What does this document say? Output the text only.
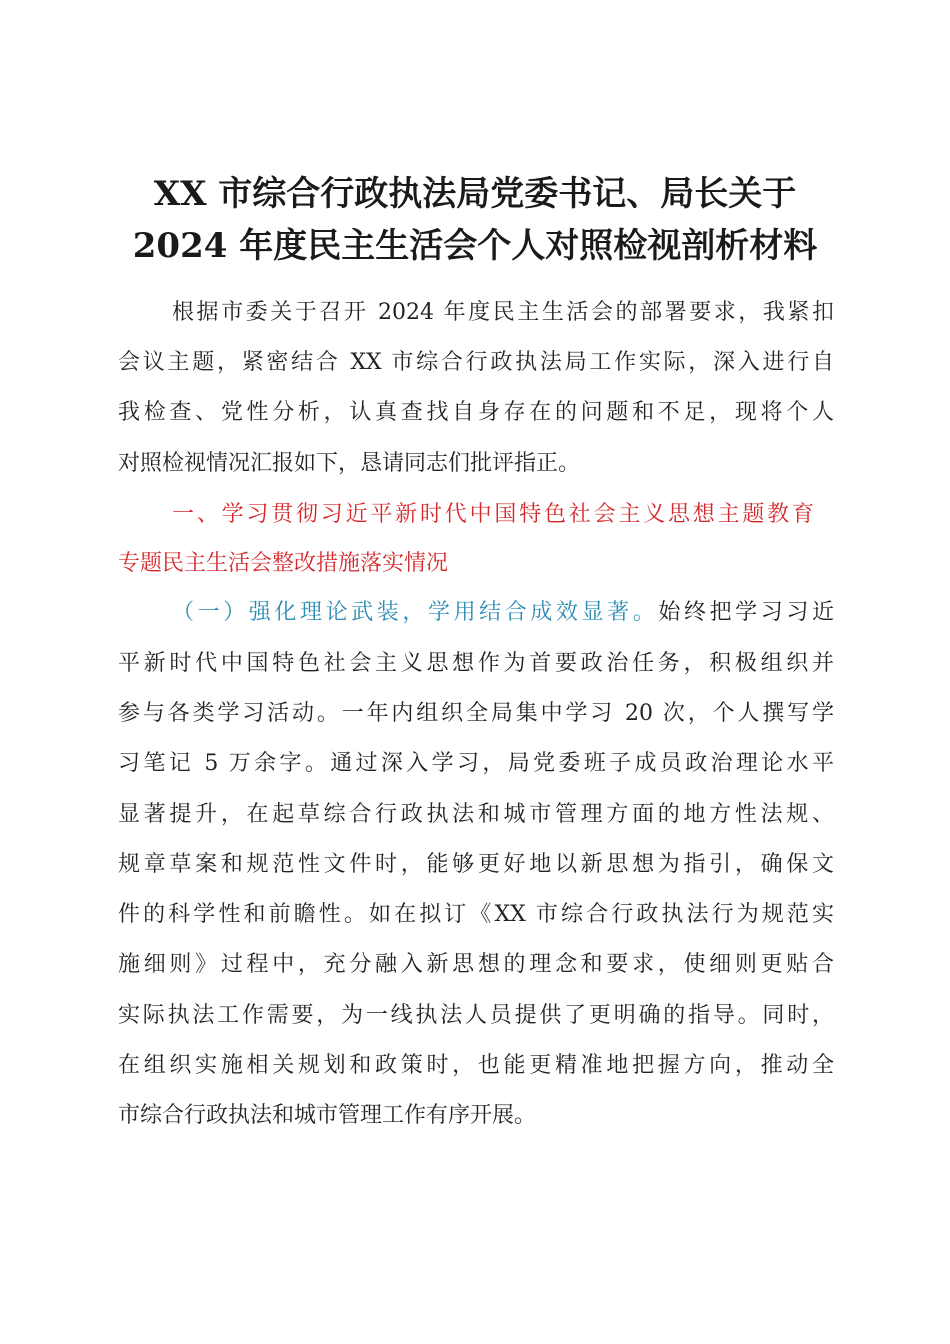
XX 市综合行政执法局党委书记、局长关于
2024 年度民主生活会个人对照检视剖析材料
根据市委关于召开 2024 年度民主生活会的部署要求，我紧扣
会议主题，紧密结合 XX 市综合行政执法局工作实际，深入进行自
我检查、党性分析，认真查找自身存在的问题和不足，现将个人
对照检视情况汇报如下，恳请同志们批评指正。
一、学习贯彻习近平新时代中国特色社会主义思想主题教育
专题民主生活会整改措施落实情况
（一）强化理论武装，学用结合成效显著。始终把学习习近
平新时代中国特色社会主义思想作为首要政治任务，积极组织并
参与各类学习活动。一年内组织全局集中学习 20 次，个人撰写学
习笔记 5 万余字。通过深入学习，局党委班子成员政治理论水平
显著提升，在起草综合行政执法和城市管理方面的地方性法规、
规章草案和规范性文件时，能够更好地以新思想为指引，确保文
件的科学性和前瞻性。如在拟订《XX 市综合行政执法行为规范实
施细则》过程中，充分融入新思想的理念和要求，使细则更贴合
实际执法工作需要，为一线执法人员提供了更明确的指导。同时，
在组织实施相关规划和政策时，也能更精准地把握方向，推动全
市综合行政执法和城市管理工作有序开展。
